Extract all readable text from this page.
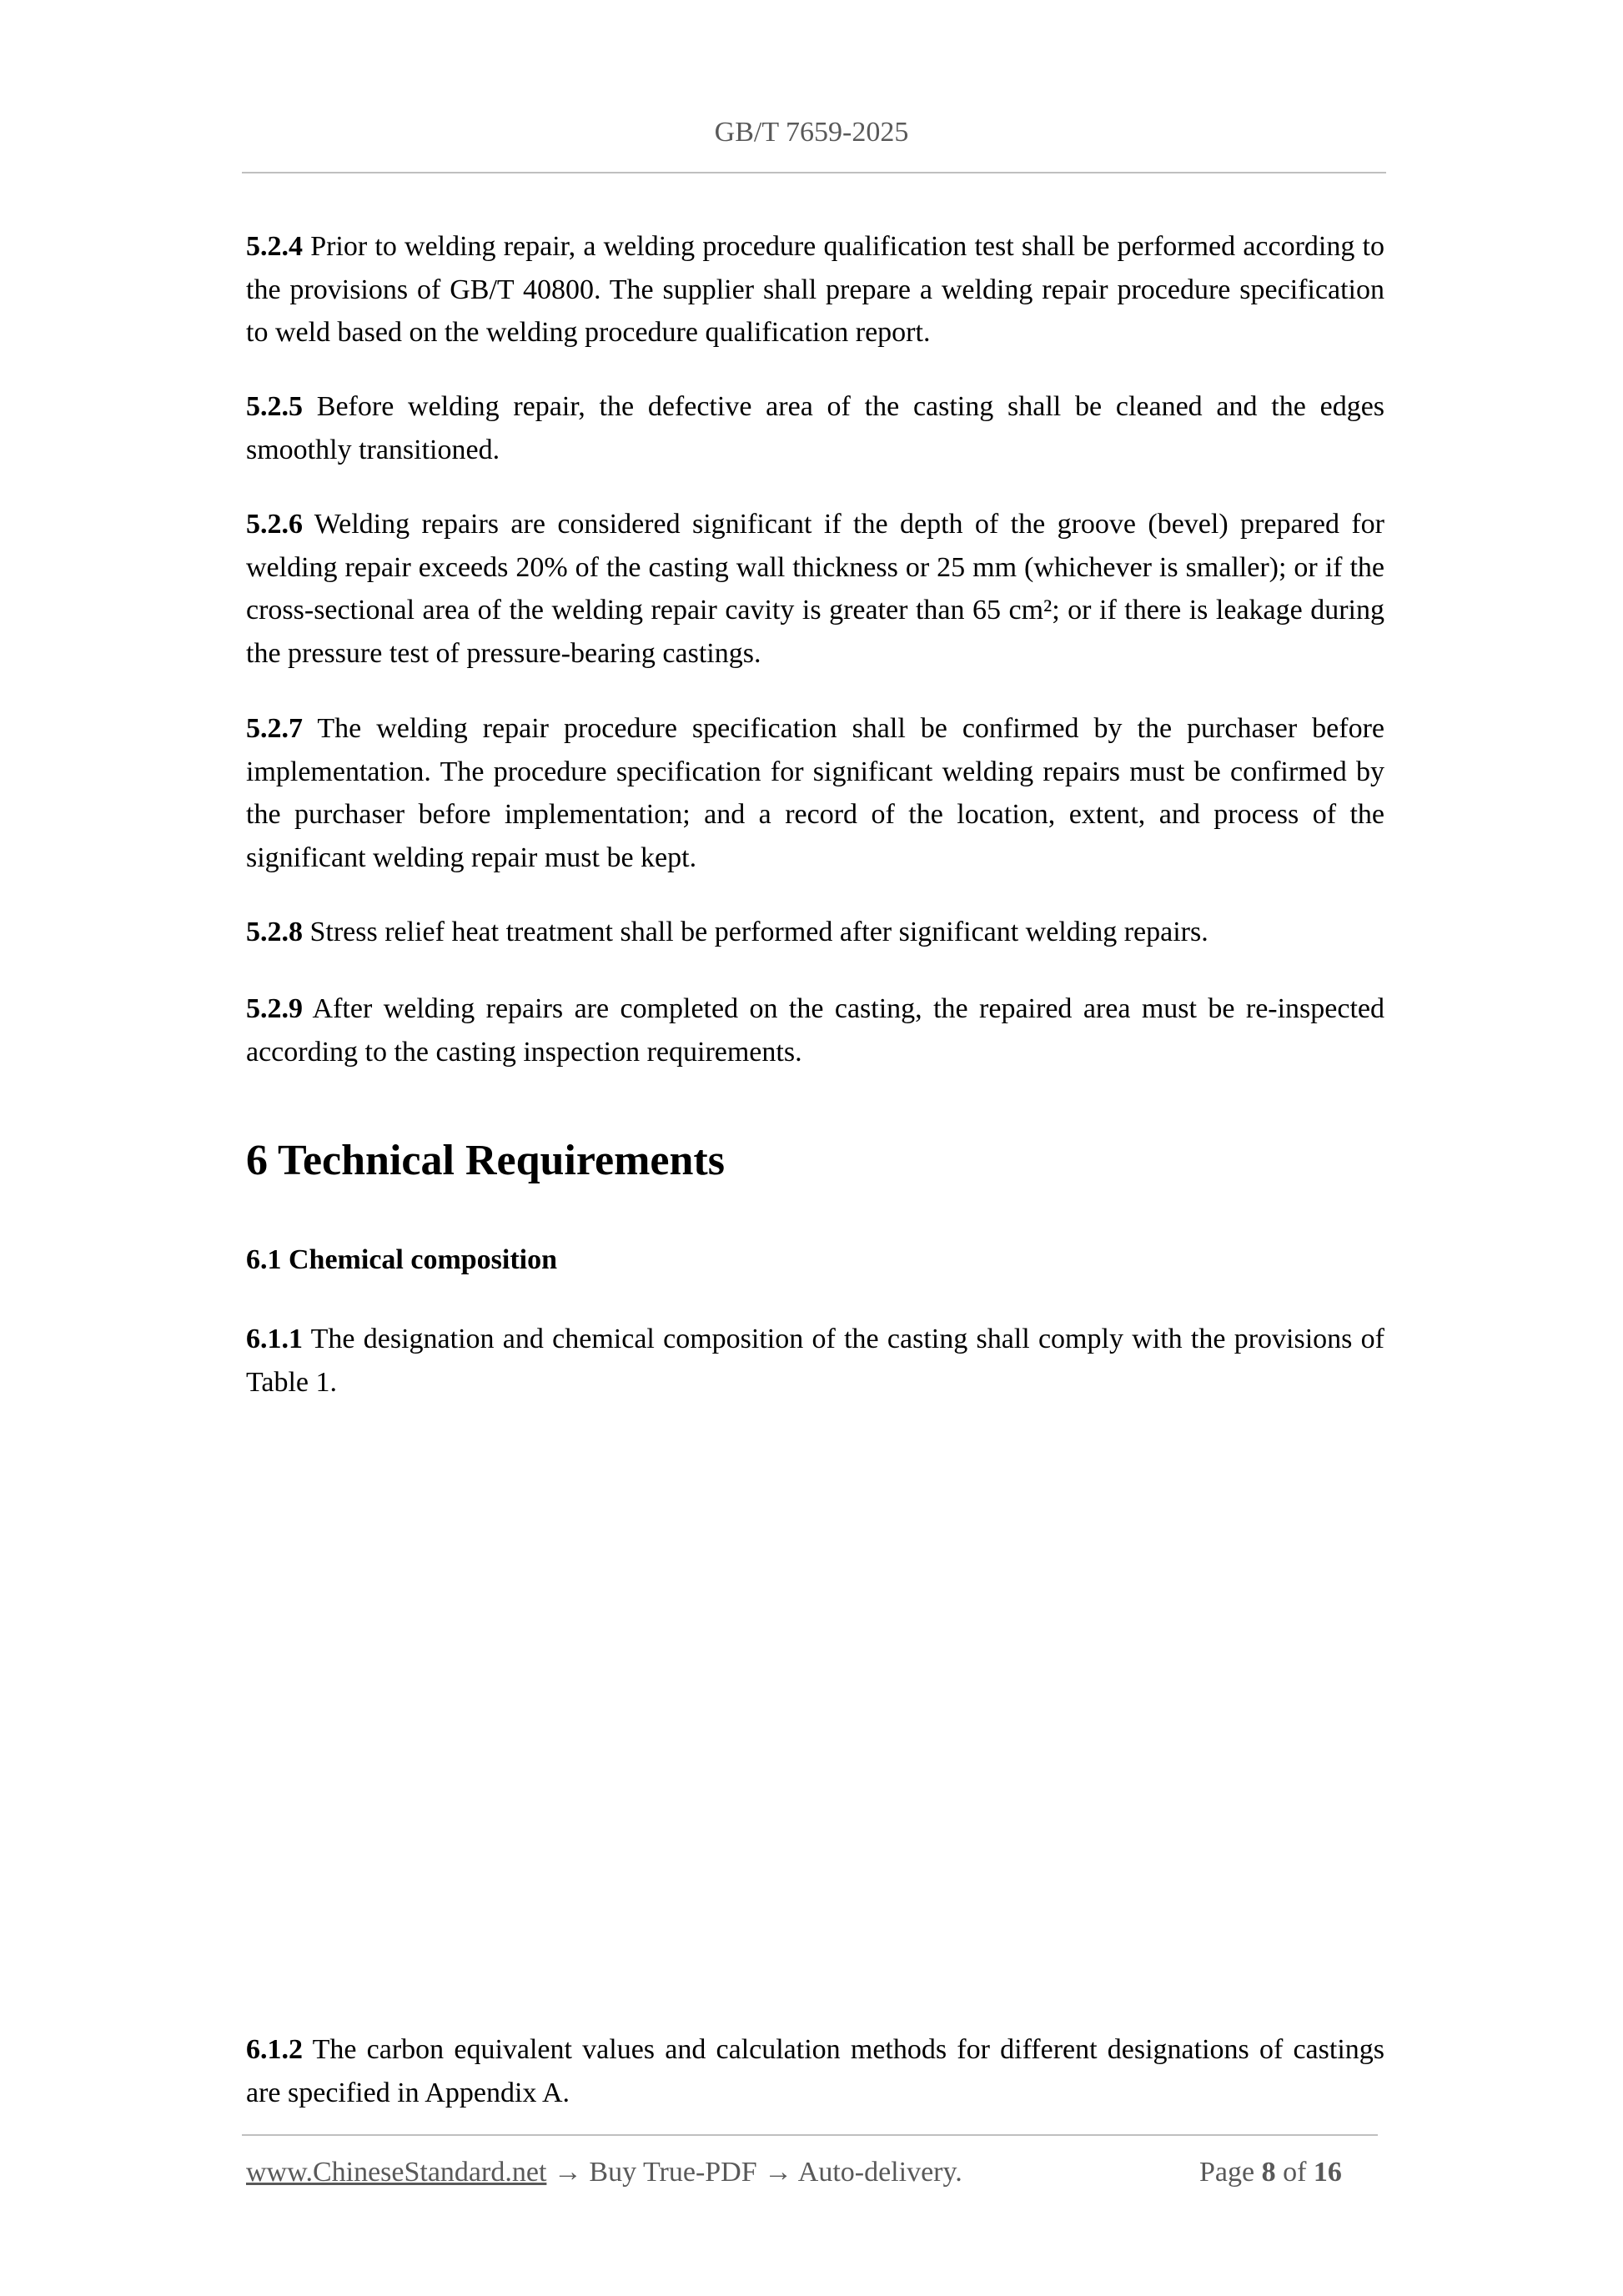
GB/T 7659-2025

5.2.4 Prior to welding repair, a welding procedure qualification test shall be performed according to the provisions of GB/T 40800. The supplier shall prepare a welding repair procedure specification to weld based on the welding procedure qualification report.

5.2.5 Before welding repair, the defective area of the casting shall be cleaned and the edges smoothly transitioned.

5.2.6 Welding repairs are considered significant if the depth of the groove (bevel) prepared for welding repair exceeds 20% of the casting wall thickness or 25 mm (whichever is smaller); or if the cross-sectional area of the welding repair cavity is greater than 65 cm²; or if there is leakage during the pressure test of pressure-bearing castings.

5.2.7 The welding repair procedure specification shall be confirmed by the purchaser before implementation. The procedure specification for significant welding repairs must be confirmed by the purchaser before implementation; and a record of the location, extent, and process of the significant welding repair must be kept.

5.2.8 Stress relief heat treatment shall be performed after significant welding repairs.

5.2.9 After welding repairs are completed on the casting, the repaired area must be re-inspected according to the casting inspection requirements.

6 Technical Requirements
6.1 Chemical composition

6.1.1 The designation and chemical composition of the casting shall comply with the provisions of Table 1.

6.1.2 The carbon equivalent values and calculation methods for different designations of castings are specified in Appendix A.

www.ChineseStandard.net → Buy True-PDF → Auto-delivery.	Page 8 of 16
